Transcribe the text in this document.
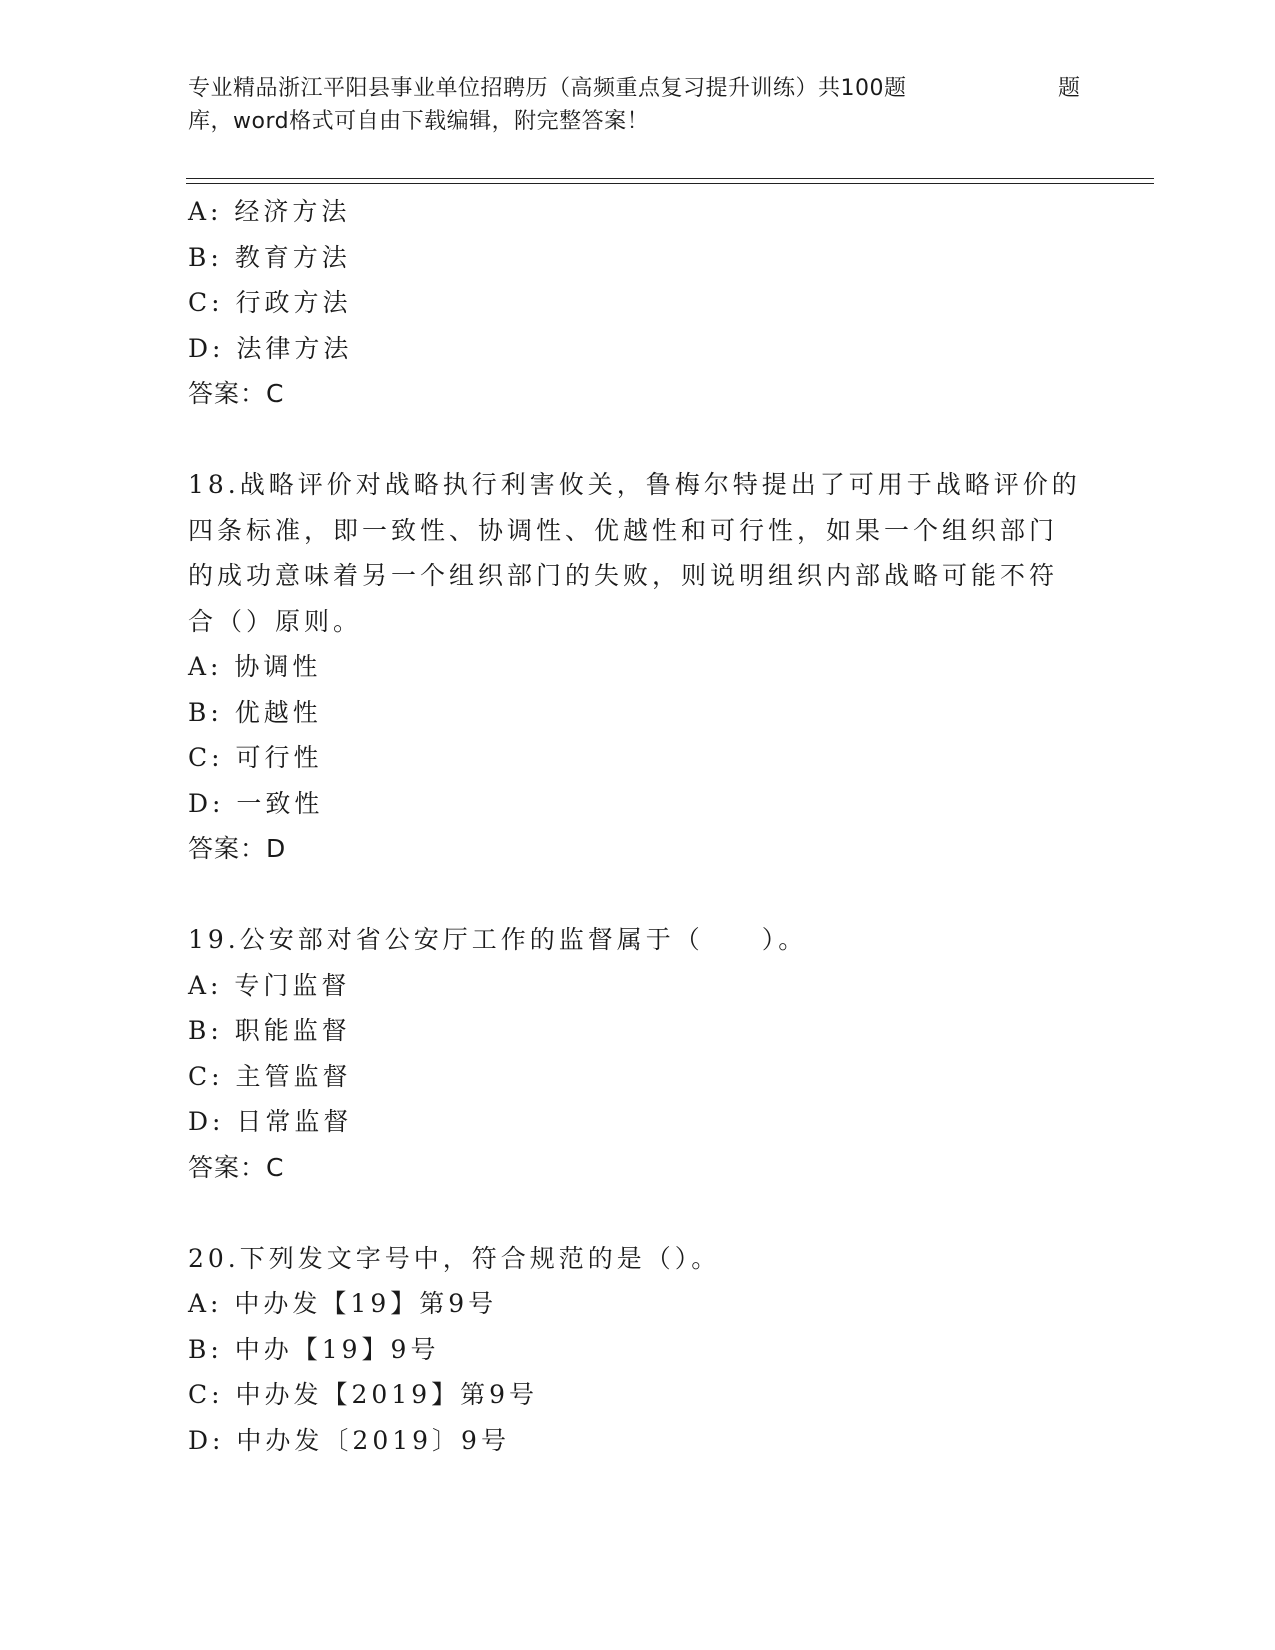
专业精品浙江平阳县事业单位招聘历（高频重点复习提升训练）共100题	题
库，word格式可自由下载编辑，附完整答案！
A: 经济方法
B: 教育方法
C: 行政方法
D: 法律方法
答案：C
18.战略评价对战略执行利害攸关，鲁梅尔特提出了可用于战略评价的
四条标准，即一致性、协调性、优越性和可行性，如果一个组织部门
的成功意味着另一个组织部门的失败，则说明组织内部战略可能不符
合（）原则。
A: 协调性
B: 优越性
C: 可行性
D: 一致性
答案：D
19.公安部对省公安厅工作的监督属于（　　）。
A: 专门监督
B: 职能监督
C: 主管监督
D: 日常监督
答案：C
20.下列发文字号中，符合规范的是（）。
A: 中办发【19】第9号
B: 中办【19】9号
C: 中办发【2019】第9号
D: 中办发〔2019〕9号
